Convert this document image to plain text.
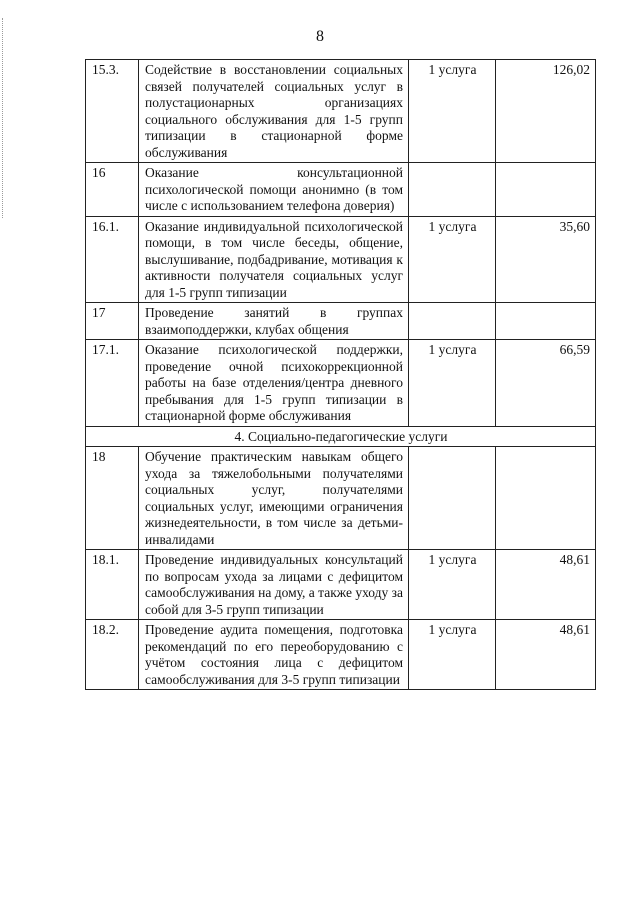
8
15.3.	Содействие в восстановлении социальных связей получателей социальных услуг в полустационарных организациях социального обслуживания для 1-5 групп типизации в стационарной форме обслуживания	1 услуга	126,02
16	Оказание консультационной психологической помощи анонимно (в том числе с использованием телефона доверия)		
16.1.	Оказание индивидуальной психологической помощи, в том числе беседы, общение, выслушивание, подбадривание, мотивация к активности получателя социальных услуг для 1-5 групп типизации	1 услуга	35,60
17	Проведение занятий в группах взаимоподдержки, клубах общения		
17.1.	Оказание психологической поддержки, проведение очной психокоррекционной работы на базе отделения/центра дневного пребывания для 1-5 групп типизации в стационарной форме обслуживания	1 услуга	66,59
4. Социально-педагогические услуги			
18	Обучение практическим навыкам общего ухода за тяжелобольными получателями социальных услуг, получателями социальных услуг, имеющими ограничения жизнедеятельности, в том числе за детьми-инвалидами		
18.1.	Проведение индивидуальных консультаций по вопросам ухода за лицами с дефицитом самообслуживания на дому, а также уходу за собой для 3-5 групп типизации	1 услуга	48,61
18.2.	Проведение аудита помещения, подготовка рекомендаций по его переоборудованию с учётом состояния лица с дефицитом самообслуживания для 3-5 групп типизации	1 услуга	48,61
